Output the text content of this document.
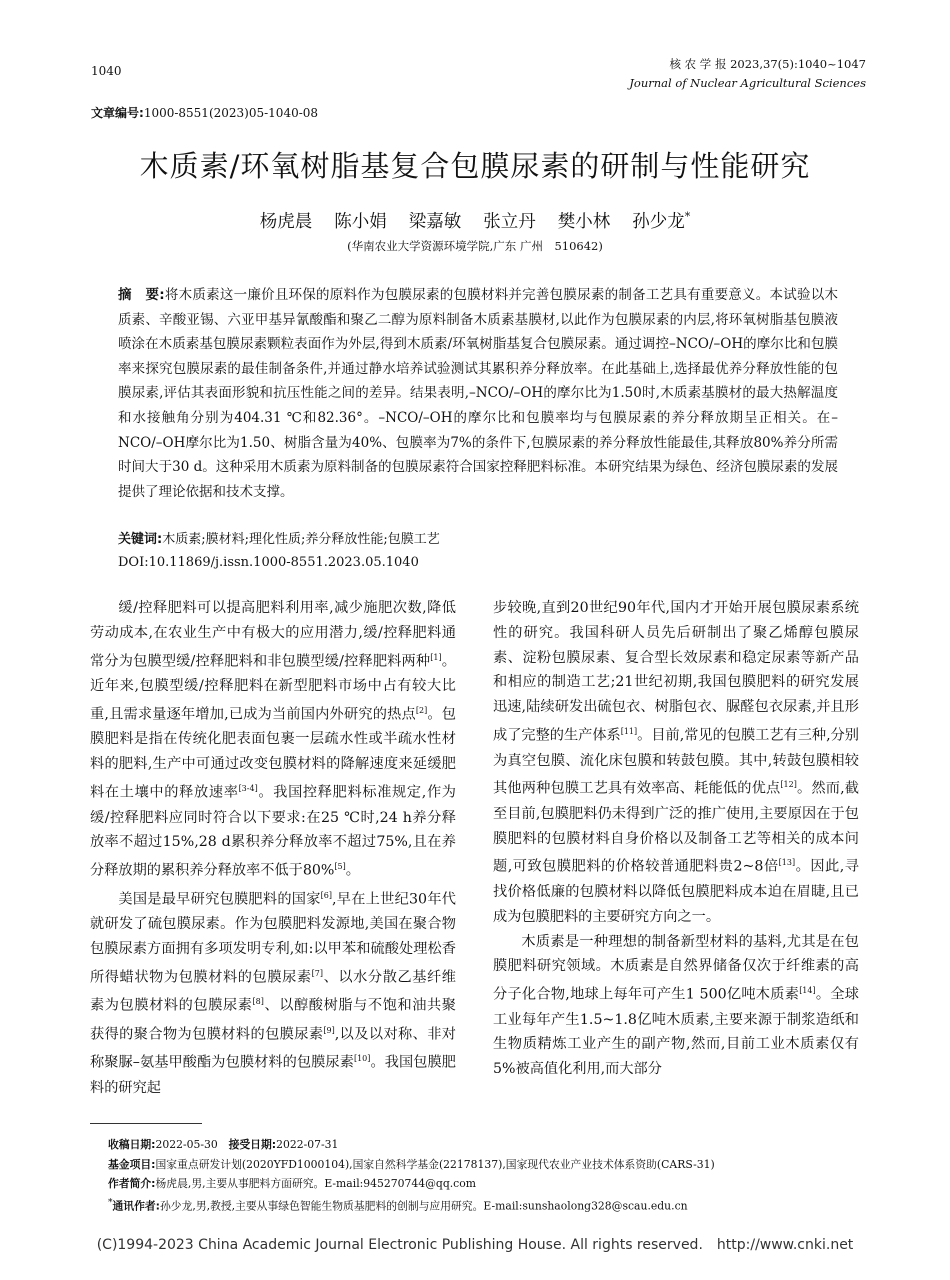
1040	核 农 学 报 2023,37(5):1040~1047
Journal of Nuclear Agricultural Sciences
文章编号:1000-8551(2023)05-1040-08
木质素/环氧树脂基复合包膜尿素的研制与性能研究
杨虎晨 陈小娟 梁嘉敏 张立丹 樊小林 孙少龙*
(华南农业大学资源环境学院,广东 广州　510642)
摘　要:将木质素这一廉价且环保的原料作为包膜尿素的包膜材料并完善包膜尿素的制备工艺具有重要意义。本试验以木质素、辛酸亚锡、六亚甲基异氰酸酯和聚乙二醇为原料制备木质素基膜材,以此作为包膜尿素的内层,将环氧树脂基包膜液喷涂在木质素基包膜尿素颗粒表面作为外层,得到木质素/环氧树脂基复合包膜尿素。通过调控–NCO/–OH的摩尔比和包膜率来探究包膜尿素的最佳制备条件,并通过静水培养试验测试其累积养分释放率。在此基础上,选择最优养分释放性能的包膜尿素,评估其表面形貌和抗压性能之间的差异。结果表明,–NCO/–OH的摩尔比为1.50时,木质素基膜材的最大热解温度和水接触角分别为404.31 ℃和82.36°。–NCO/–OH的摩尔比和包膜率均与包膜尿素的养分释放期呈正相关。在–NCO/–OH摩尔比为1.50、树脂含量为40%、包膜率为7%的条件下,包膜尿素的养分释放性能最佳,其释放80%养分所需时间大于30 d。这种采用木质素为原料制备的包膜尿素符合国家控释肥料标准。本研究结果为绿色、经济包膜尿素的发展提供了理论依据和技术支撑。
关键词:木质素;膜材料;理化性质;养分释放性能;包膜工艺
DOI:10.11869/j.issn.1000-8551.2023.05.1040

缓/控释肥料可以提高肥料利用率,减少施肥次数,降低劳动成本,在农业生产中有极大的应用潜力,缓/控释肥料通常分为包膜型缓/控释肥料和非包膜型缓/控释肥料两种[1]。近年来,包膜型缓/控释肥料在新型肥料市场中占有较大比重,且需求量逐年增加,已成为当前国内外研究的热点[2]。包膜肥料是指在传统化肥表面包裹一层疏水性或半疏水性材料的肥料,生产中可通过改变包膜材料的降解速度来延缓肥料在土壤中的释放速率[3-4]。我国控释肥料标准规定,作为缓/控释肥料应同时符合以下要求:在25 ℃时,24 h养分释放率不超过15%,28 d累积养分释放率不超过75%,且在养分释放期的累积养分释放率不低于80%[5]。

美国是最早研究包膜肥料的国家[6],早在上世纪30年代就研发了硫包膜尿素。作为包膜肥料发源地,美国在聚合物包膜尿素方面拥有多项发明专利,如:以甲苯和硫酸处理松香所得蜡状物为包膜材料的包膜尿素[7]、以水分散乙基纤维素为包膜材料的包膜尿素[8]、以醇酸树脂与不饱和油共聚获得的聚合物为包膜材料的包膜尿素[9],以及以对称、非对称聚脲–氨基甲酸酯为包膜材料的包膜尿素[10]。我国包膜肥料的研究起

步较晚,直到20世纪90年代,国内才开始开展包膜尿素系统性的研究。我国科研人员先后研制出了聚乙烯醇包膜尿素、淀粉包膜尿素、复合型长效尿素和稳定尿素等新产品和相应的制造工艺;21世纪初期,我国包膜肥料的研究发展迅速,陆续研发出硫包衣、树脂包衣、脲醛包衣尿素,并且形成了完整的生产体系[11]。目前,常见的包膜工艺有三种,分别为真空包膜、流化床包膜和转鼓包膜。其中,转鼓包膜相较其他两种包膜工艺具有效率高、耗能低的优点[12]。然而,截至目前,包膜肥料仍未得到广泛的推广使用,主要原因在于包膜肥料的包膜材料自身价格以及制备工艺等相关的成本问题,可致包膜肥料的价格较普通肥料贵2~8倍[13]。因此,寻找价格低廉的包膜材料以降低包膜肥料成本迫在眉睫,且已成为包膜肥料的主要研究方向之一。

木质素是一种理想的制备新型材料的基料,尤其是在包膜肥料研究领域。木质素是自然界储备仅次于纤维素的高分子化合物,地球上每年可产生1 500亿吨木质素[14]。全球工业每年产生1.5~1.8亿吨木质素,主要来源于制浆造纸和生物质精炼工业产生的副产物,然而,目前工业木质素仅有5%被高值化利用,而大部分

收稿日期:2022-05-30　 接受日期:2022-07-31
基金项目:国家重点研发计划(2020YFD1000104),国家自然科学基金(22178137),国家现代农业产业技术体系资助(CARS-31)
作者简介:杨虎晨,男,主要从事肥料方面研究。E-mail:945270744@qq.com
*通讯作者:孙少龙,男,教授,主要从事绿色智能生物质基肥料的创制与应用研究。E-mail:sunshaolong328@scau.edu.cn
(C)1994-2023 China Academic Journal Electronic Publishing House. All rights reserved.　http://www.cnki.net
